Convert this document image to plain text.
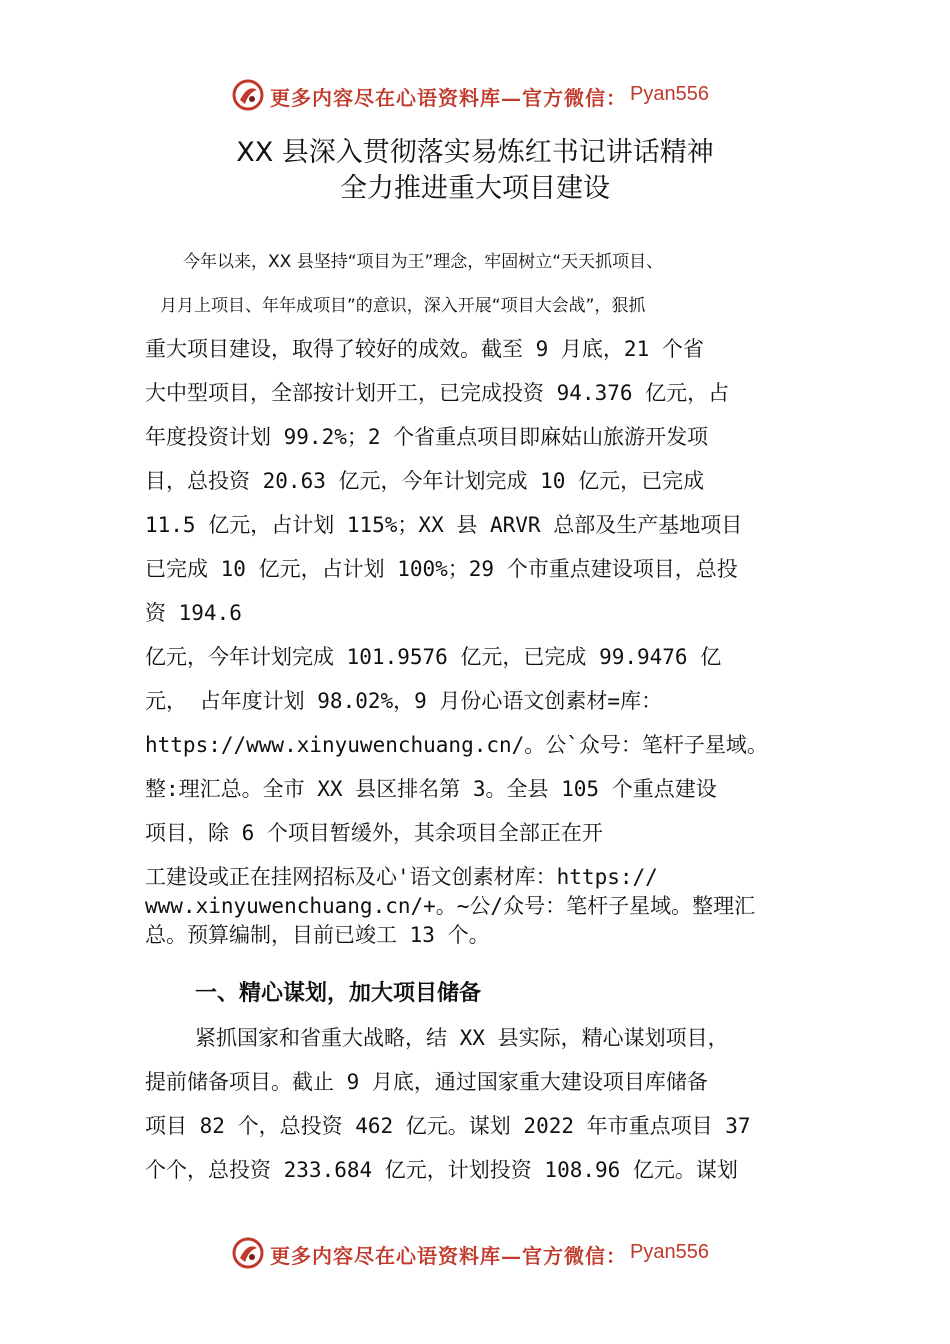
更多内容尽在心语资料库—官方微信： Pyan556
XX 县深入贯彻落实易炼红书记讲话精神
全力推进重大项目建设
今年以来，XX 县坚持“项目为王”理念，牢固树立“天天抓项目、
月月上项目、年年成项目”的意识，深入开展“项目大会战”，狠抓
重大项目建设，取得了较好的成效。截至 9 月底，21 个省
大中型项目，全部按计划开工，已完成投资 94.376 亿元，占
年度投资计划 99.2%；2 个省重点项目即麻姑山旅游开发项
目，总投资 20.63 亿元，今年计划完成 10 亿元，已完成
11.5 亿元，占计划 115%；XX 县 ARVR 总部及生产基地项目
已完成 10 亿元，占计划 100%；29 个市重点建设项目，总投
资 194.6
亿元，今年计划完成 101.9576 亿元，已完成 99.9476 亿
元， 占年度计划 98.02%，9 月份心语文创素材=库：
https://www.xinyuwenchuang.cn/。公`众号：笔杆子星域。
整:理汇总。全市 XX 县区排名第 3。全县 105 个重点建设
项目，除 6 个项目暂缓外，其余项目全部正在开
工建设或正在挂网招标及心'语文创素材库：https://
www.xinyuwenchuang.cn/+。~公/众号：笔杆子星域。整理汇
总。预算编制，目前已竣工 13 个。
一、精心谋划，加大项目储备
紧抓国家和省重大战略，结 XX 县实际，精心谋划项目，
提前储备项目。截止 9 月底，通过国家重大建设项目库储备
项目 82 个，总投资 462 亿元。谋划 2022 年市重点项目 37
个个，总投资 233.684 亿元，计划投资 108.96 亿元。谋划
更多内容尽在心语资料库—官方微信： Pyan556
